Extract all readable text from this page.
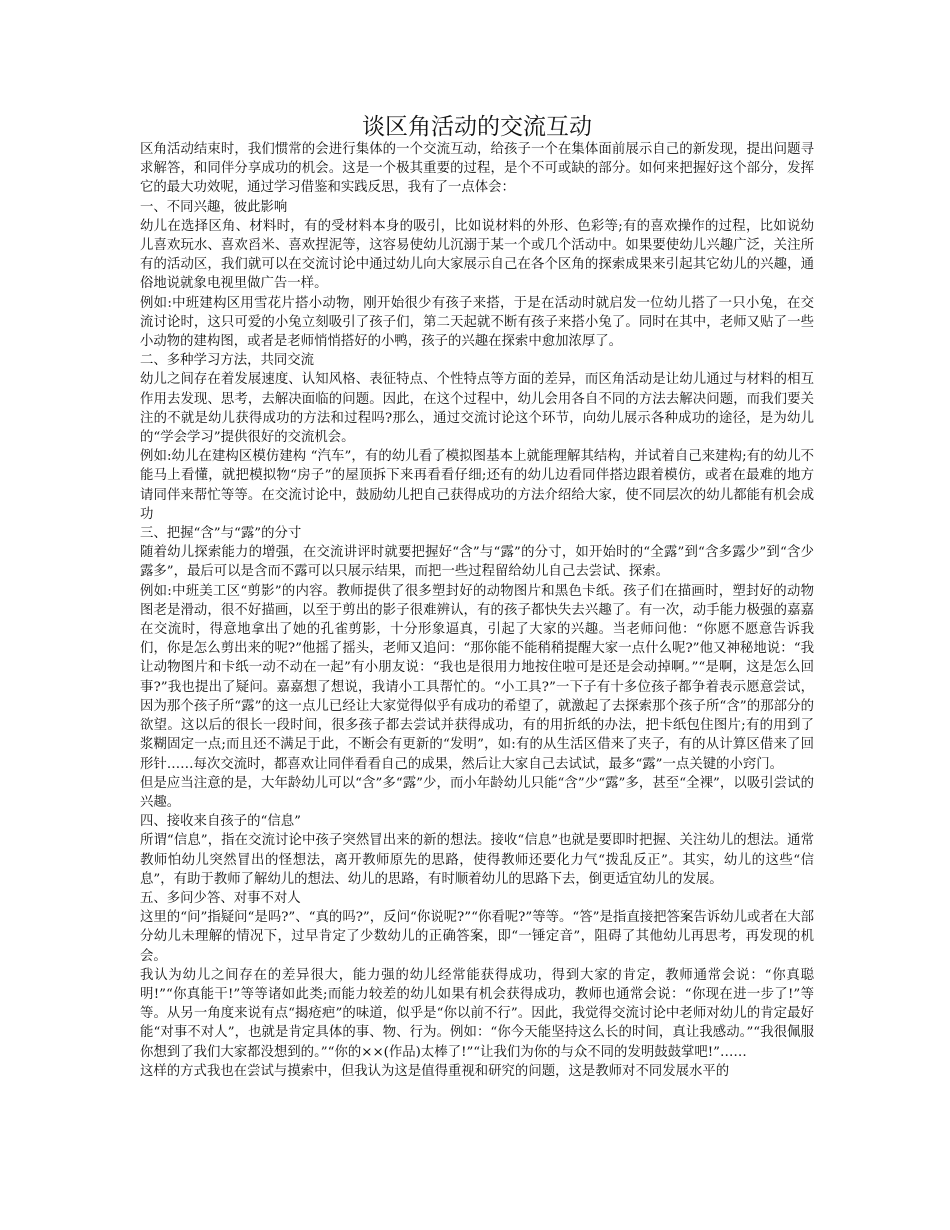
谈区角活动的交流互动

区角活动结束时，我们惯常的会进行集体的一个交流互动，给孩子一个在集体面前展示自己的新发现，提出问题寻求解答，和同伴分享成功的机会。这是一个极其重要的过程，是个不可或缺的部分。如何来把握好这个部分，发挥它的最大功效呢，通过学习借鉴和实践反思，我有了一点体会：

一、不同兴趣，彼此影响

幼儿在选择区角、材料时，有的受材料本身的吸引，比如说材料的外形、色彩等;有的喜欢操作的过程，比如说幼儿喜欢玩水、喜欢舀米、喜欢捏泥等，这容易使幼儿沉溺于某一个或几个活动中。如果要使幼儿兴趣广泛，关注所有的活动区，我们就可以在交流讨论中通过幼儿向大家展示自己在各个区角的探索成果来引起其它幼儿的兴趣，通俗地说就象电视里做广告一样。

例如:中班建构区用雪花片搭小动物，刚开始很少有孩子来搭，于是在活动时就启发一位幼儿搭了一只小兔，在交流讨论时，这只可爱的小兔立刻吸引了孩子们，第二天起就不断有孩子来搭小兔了。同时在其中，老师又贴了一些小动物的建构图，或者是老师悄悄搭好的小鸭，孩子的兴趣在探索中愈加浓厚了。

二、多种学习方法，共同交流

幼儿之间存在着发展速度、认知风格、表征特点、个性特点等方面的差异，而区角活动是让幼儿通过与材料的相互作用去发现、思考，去解决面临的问题。因此，在这个过程中，幼儿会用各自不同的方法去解决问题，而我们要关注的不就是幼儿获得成功的方法和过程吗?那么，通过交流讨论这个环节，向幼儿展示各种成功的途径，是为幼儿的“学会学习”提供很好的交流机会。

例如:幼儿在建构区模仿建构 “汽车”，有的幼儿看了模拟图基本上就能理解其结构，并试着自己来建构;有的幼儿不能马上看懂，就把模拟物“房子”的屋顶拆下来再看看仔细;还有的幼儿边看同伴搭边跟着模仿，或者在最难的地方请同伴来帮忙等等。在交流讨论中，鼓励幼儿把自己获得成功的方法介绍给大家，使不同层次的幼儿都能有机会成功

三、把握“含”与“露”的分寸

随着幼儿探索能力的增强，在交流讲评时就要把握好“含”与“露”的分寸，如开始时的“全露”到“含多露少”到“含少露多”，最后可以是含而不露可以只展示结果，而把一些过程留给幼儿自己去尝试、探索。

例如:中班美工区“剪影”的内容。教师提供了很多塑封好的动物图片和黑色卡纸。孩子们在描画时，塑封好的动物图老是滑动，很不好描画，以至于剪出的影子很难辨认，有的孩子都快失去兴趣了。有一次，动手能力极强的嘉嘉在交流时，得意地拿出了她的孔雀剪影，十分形象逼真，引起了大家的兴趣。当老师问他：“你愿不愿意告诉我们，你是怎么剪出来的呢?”他摇了摇头，老师又追问：“那你能不能稍稍提醒大家一点什么呢?”他又神秘地说：“我让动物图片和卡纸一动不动在一起”有小朋友说：“我也是很用力地按住啦可是还是会动掉啊。”“是啊，这是怎么回事?”我也提出了疑问。嘉嘉想了想说，我请小工具帮忙的。“小工具?”一下子有十多位孩子都争着表示愿意尝试，因为那个孩子所“露”的这一点儿已经让大家觉得似乎有成功的希望了，就激起了去探索那个孩子所“含”的那部分的欲望。这以后的很长一段时间，很多孩子都去尝试并获得成功，有的用折纸的办法，把卡纸包住图片;有的用到了浆糊固定一点;而且还不满足于此，不断会有更新的“发明”，如:有的从生活区借来了夹子，有的从计算区借来了回形针……每次交流时，都喜欢让同伴看看自己的成果，然后让大家自己去试试，最多“露”一点关键的小窍门。

但是应当注意的是，大年龄幼儿可以“含”多“露”少，而小年龄幼儿只能“含”少“露”多，甚至“全裸”，以吸引尝试的兴趣。

四、接收来自孩子的“信息”

所谓“信息”，指在交流讨论中孩子突然冒出来的新的想法。接收“信息”也就是要即时把握、关注幼儿的想法。通常教师怕幼儿突然冒出的怪想法，离开教师原先的思路，使得教师还要化力气“拨乱反正”。其实，幼儿的这些“信息”，有助于教师了解幼儿的想法、幼儿的思路，有时顺着幼儿的思路下去，倒更适宜幼儿的发展。

五、多问少答、对事不对人

这里的“问”指疑问“是吗?”、“真的吗?”，反问“你说呢?”“你看呢?”等等。“答”是指直接把答案告诉幼儿或者在大部分幼儿未理解的情况下，过早肯定了少数幼儿的正确答案，即“一锤定音”，阻碍了其他幼儿再思考，再发现的机会。

我认为幼儿之间存在的差异很大，能力强的幼儿经常能获得成功，得到大家的肯定，教师通常会说：“你真聪明!”“你真能干!”等等诸如此类;而能力较差的幼儿如果有机会获得成功，教师也通常会说：“你现在进一步了!”等等。从另一角度来说有点“揭疮疤”的味道，似乎是“你以前不行”。因此，我觉得交流讨论中老师对幼儿的肯定最好能“对事不对人”，也就是肯定具体的事、物、行为。例如：“你今天能坚持这么长的时间，真让我感动。”“我很佩服你想到了我们大家都没想到的。”“你的××(作品)太棒了!”“让我们为你的与众不同的发明鼓鼓掌吧!”……

这样的方式我也在尝试与摸索中，但我认为这是值得重视和研究的问题，这是教师对不同发展水平的
